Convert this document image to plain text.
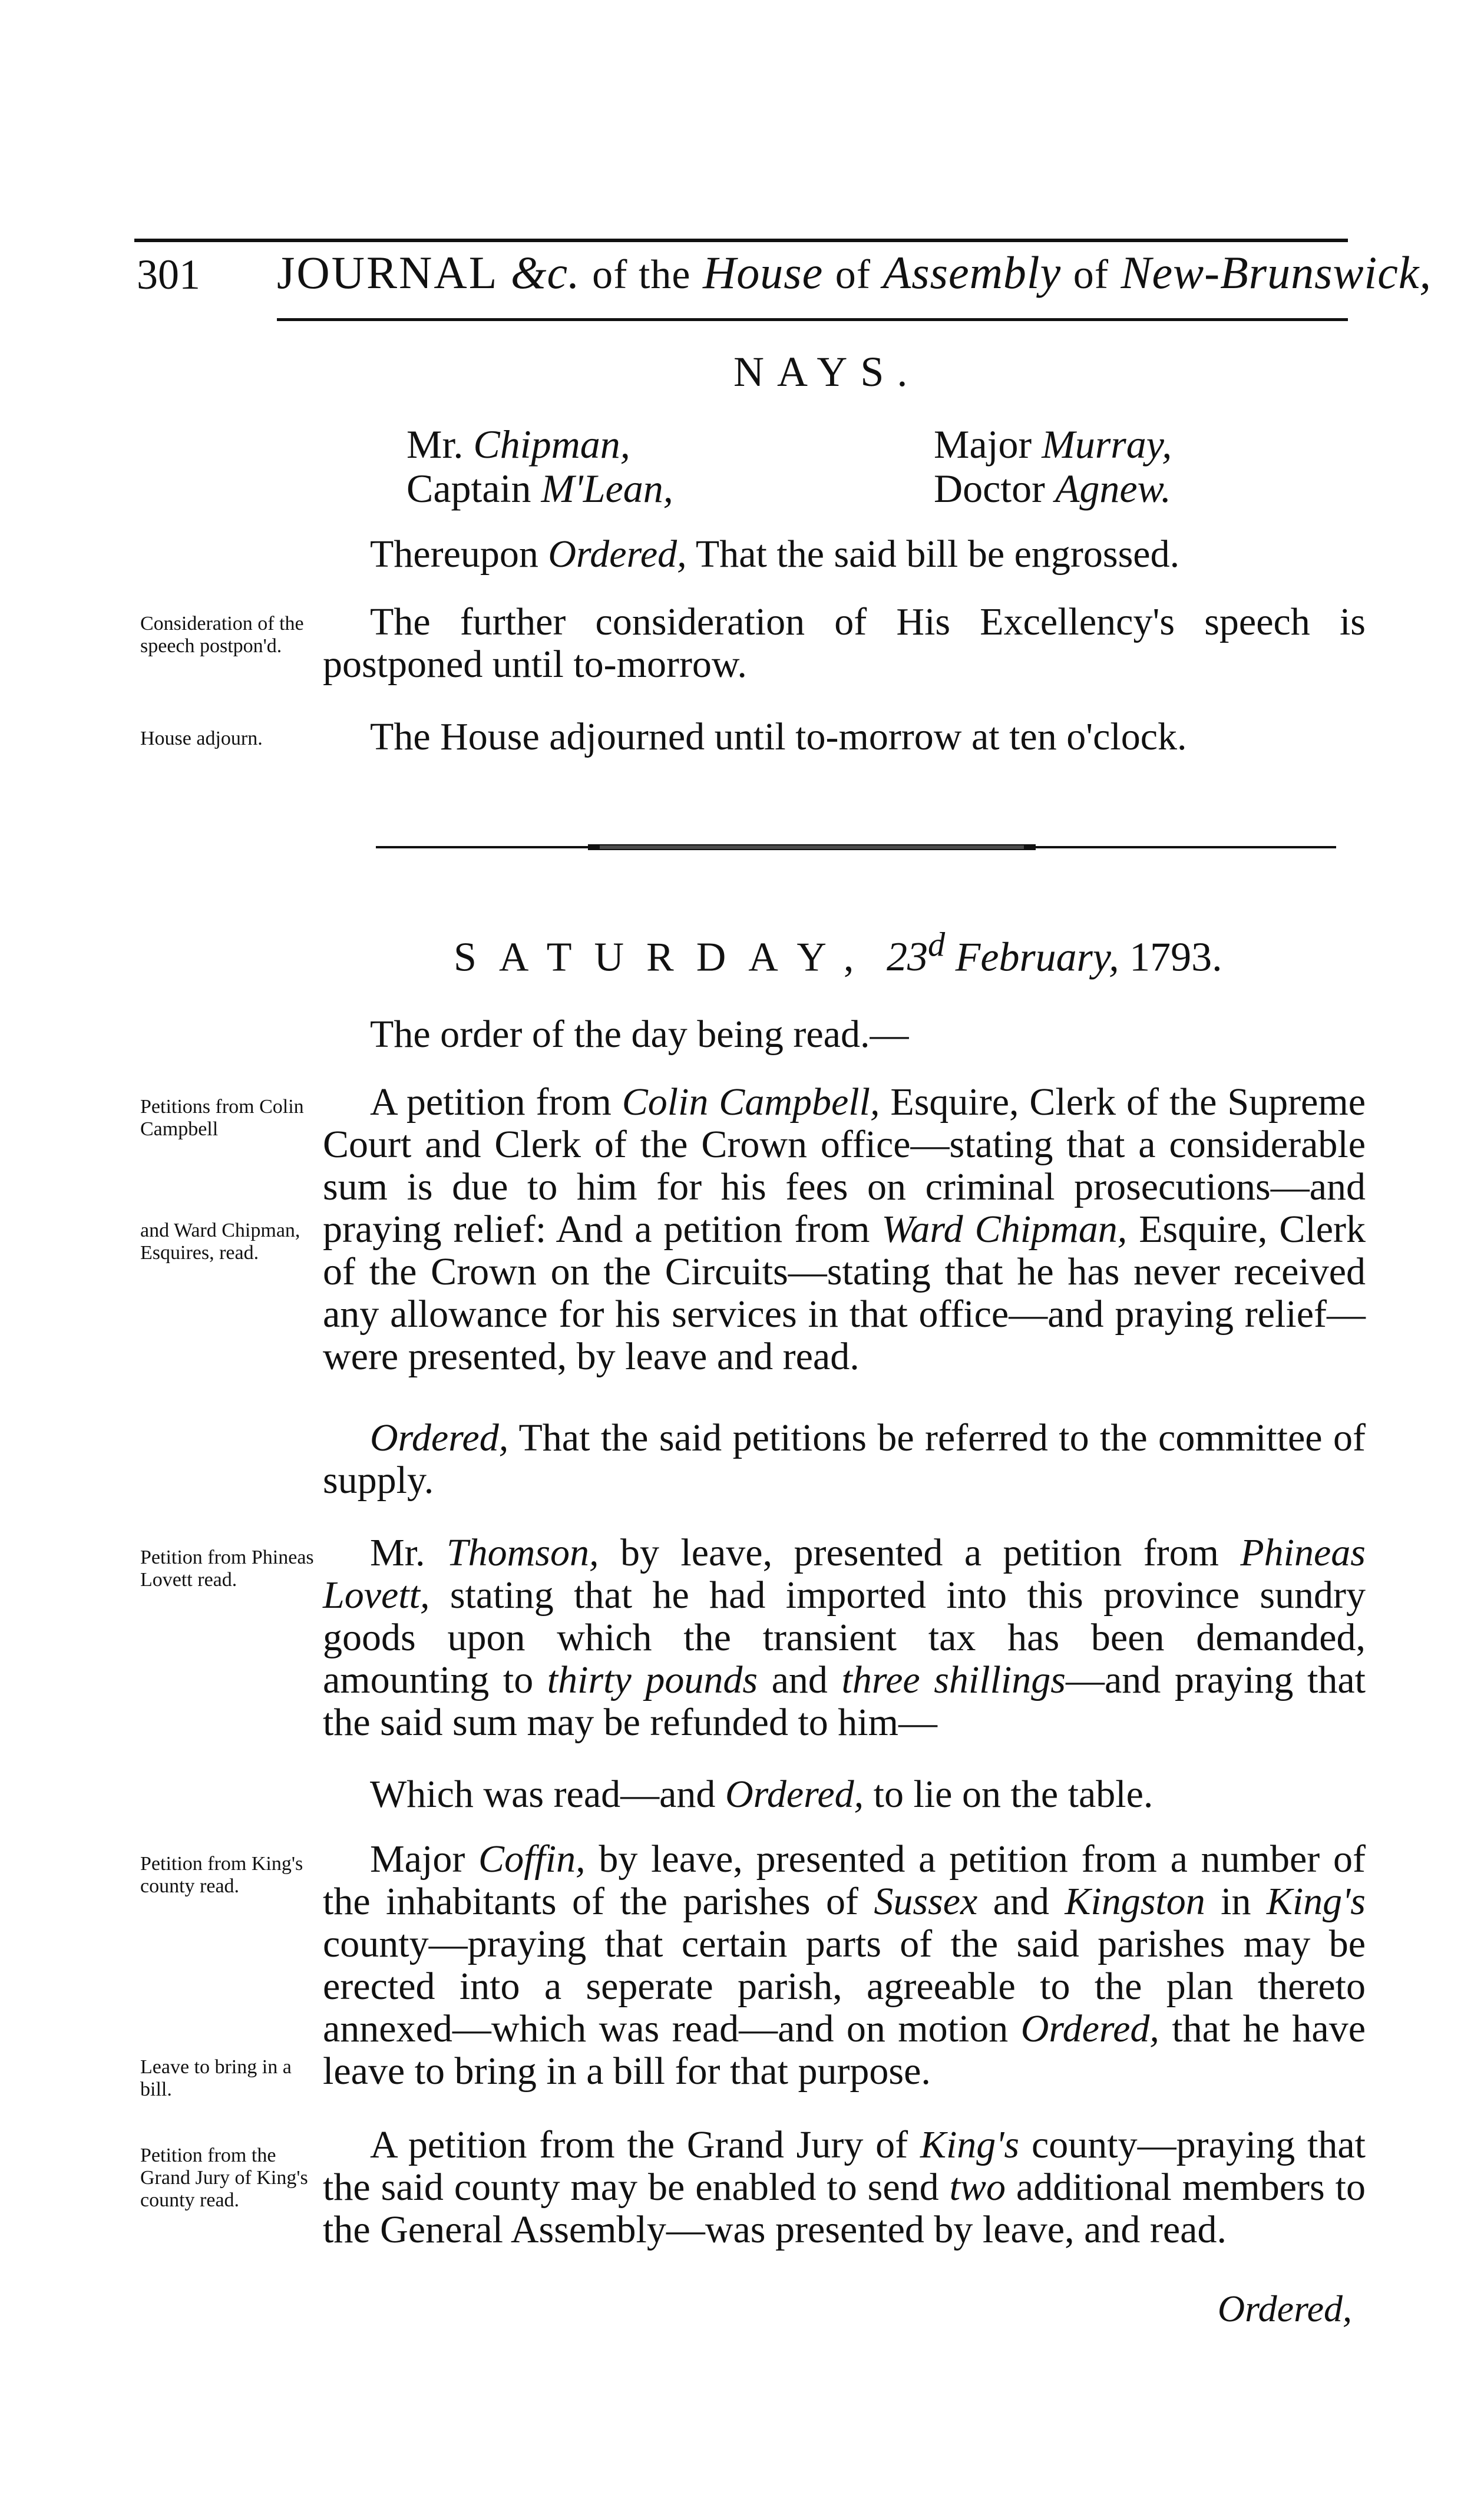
301 JOURNAL &c. of the House of Assembly of New-Brunswick,
NAYS.
Mr. Chipman,	Major Murray,
Captain M'Lean,	Doctor Agnew.
Thereupon Ordered, That the said bill be engrossed.
Consideration of the speech postpon'd.
The further consideration of His Excellency's speech is postponed until to-morrow.
House adjourn.	The House adjourned until to-morrow at ten o'clock.
SATURDAY, 23$^d$ February, 1793.
The order of the day being read.—
Petitions from Colin Campbell
and Ward Chipman, Esquires, read.
A petition from Colin Campbell, Esquire, Clerk of the Supreme Court and Clerk of the Crown office—stating that a considerable sum is due to him for his fees on criminal prosecutions—and praying relief: And a petition from Ward Chipman, Esquire, Clerk of the Crown on the Circuits—stating that he has never received any allowance for his services in that office—and praying relief—were presented, by leave and read.
Ordered, That the said petitions be referred to the committee of supply.
Petition from Phineas Lovett read.
Mr. Thomson, by leave, presented a petition from Phineas Lovett, stating that he had imported into this province sundry goods upon which the transient tax has been demanded, amounting to thirty pounds and three shillings—and praying that the said sum may be refunded to him—
Which was read—and Ordered, to lie on the table.
Petition from King's county read.
Leave to bring in a bill.
Major Coffin, by leave, presented a petition from a number of the inhabitants of the parishes of Sussex and Kingston in King's county—praying that certain parts of the said parishes may be erected into a seperate parish, agreeable to the plan thereto annexed—which was read—and on motion Ordered, that he have leave to bring in a bill for that purpose.
Petition from the Grand Jury of King's county read.
A petition from the Grand Jury of King's county—praying that the said county may be enabled to send two additional members to the General Assembly—was presented by leave, and read.
Ordered,
